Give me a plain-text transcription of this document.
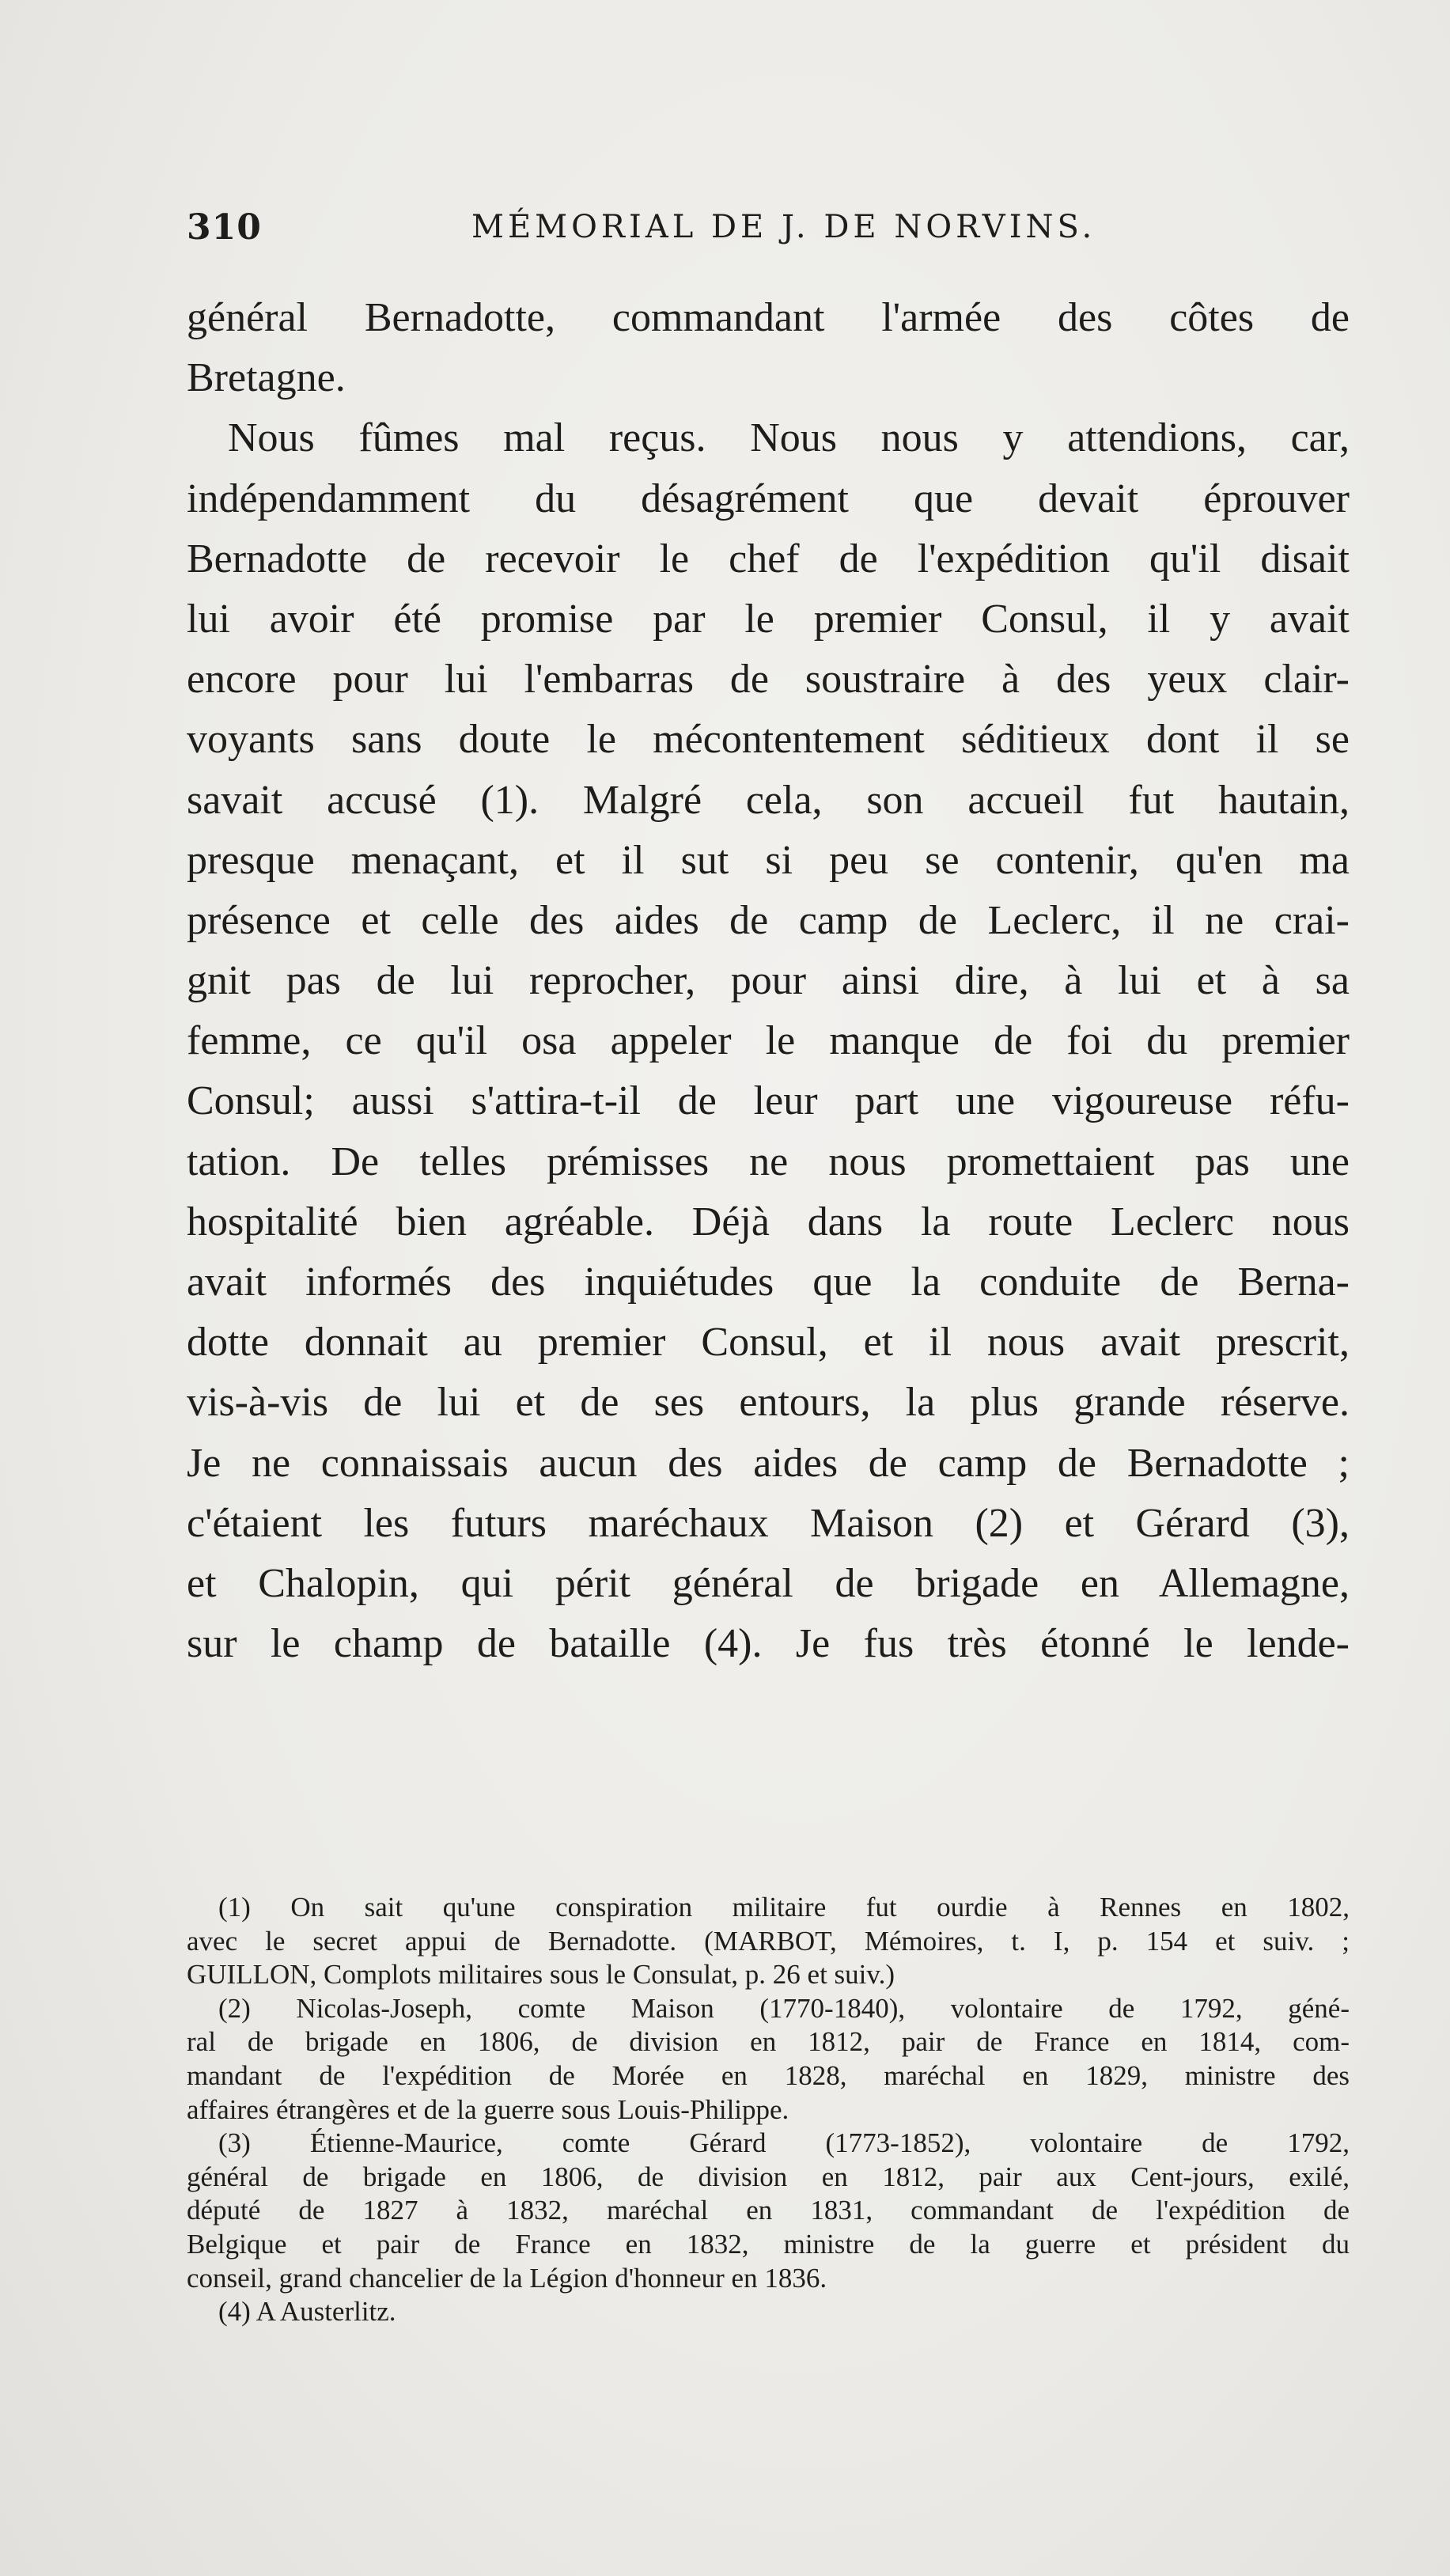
310	MÉMORIAL DE J. DE NORVINS.
général Bernadotte, commandant l'armée des côtes de
Bretagne.
Nous fûmes mal reçus. Nous nous y attendions, car,
indépendamment du désagrément que devait éprouver
Bernadotte de recevoir le chef de l'expédition qu'il disait
lui avoir été promise par le premier Consul, il y avait
encore pour lui l'embarras de soustraire à des yeux clair-
voyants sans doute le mécontentement séditieux dont il se
savait accusé (1). Malgré cela, son accueil fut hautain,
presque menaçant, et il sut si peu se contenir, qu'en ma
présence et celle des aides de camp de Leclerc, il ne crai-
gnit pas de lui reprocher, pour ainsi dire, à lui et à sa
femme, ce qu'il osa appeler le manque de foi du premier
Consul; aussi s'attira-t-il de leur part une vigoureuse réfu-
tation. De telles prémisses ne nous promettaient pas une
hospitalité bien agréable. Déjà dans la route Leclerc nous
avait informés des inquiétudes que la conduite de Berna-
dotte donnait au premier Consul, et il nous avait prescrit,
vis-à-vis de lui et de ses entours, la plus grande réserve.
Je ne connaissais aucun des aides de camp de Bernadotte ;
c'étaient les futurs maréchaux Maison (2) et Gérard (3),
et Chalopin, qui périt général de brigade en Allemagne,
sur le champ de bataille (4). Je fus très étonné le lende-
(1) On sait qu'une conspiration militaire fut ourdie à Rennes en 1802,
avec le secret appui de Bernadotte. (MARBOT, Mémoires, t. I, p. 154 et suiv. ;
GUILLON, Complots militaires sous le Consulat, p. 26 et suiv.)
(2) Nicolas-Joseph, comte Maison (1770-1840), volontaire de 1792, géné-
ral de brigade en 1806, de division en 1812, pair de France en 1814, com-
mandant de l'expédition de Morée en 1828, maréchal en 1829, ministre des
affaires étrangères et de la guerre sous Louis-Philippe.
(3) Étienne-Maurice, comte Gérard (1773-1852), volontaire de 1792,
général de brigade en 1806, de division en 1812, pair aux Cent-jours, exilé,
député de 1827 à 1832, maréchal en 1831, commandant de l'expédition de
Belgique et pair de France en 1832, ministre de la guerre et président du
conseil, grand chancelier de la Légion d'honneur en 1836.
(4) A Austerlitz.
